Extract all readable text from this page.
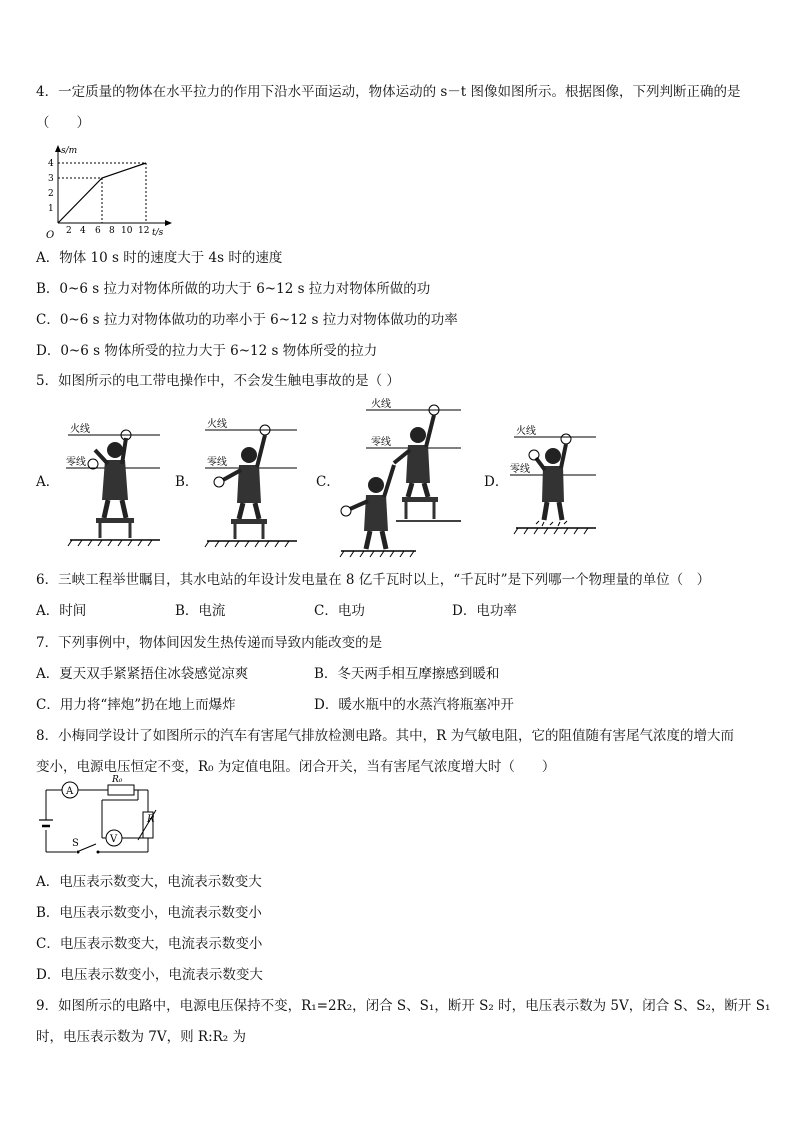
4．一定质量的物体在水平拉力的作用下沿水平面运动，物体运动的 s－t 图像如图所示。根据图像，下列判断正确的是
（　　）
s/m
t/s
O
1
2
3
4
2 4 6 8 10 12
A．物体 10 s 时的速度大于 4s 时的速度
B．0~6 s 拉力对物体所做的功大于 6~12 s 拉力对物体所做的功
C．0~6 s 拉力对物体做功的功率小于 6~12 s 拉力对物体做功的功率
D．0~6 s 物体所受的拉力大于 6~12 s 物体所受的拉力
5．如图所示的电工带电操作中，不会发生触电事故的是（ ）
A．
火线
零线
B．
火线
零线
C．
火线
零线
D．
火线
零线
6．三峡工程举世瞩目，其水电站的年设计发电量在 8 亿千瓦时以上，“千瓦时”是下列哪一个物理量的单位（　）
A．时间	B．电流	C．电功	D．电功率
7．下列事例中，物体间因发生热传递而导致内能改变的是
A．夏天双手紧紧捂住冰袋感觉凉爽	B．冬天两手相互摩擦感到暖和
C．用力将“摔炮”扔在地上而爆炸	D．暖水瓶中的水蒸汽将瓶塞冲开
8．小梅同学设计了如图所示的汽车有害尾气排放检测电路。其中，R 为气敏电阻，它的阻值随有害尾气浓度的增大而
变小，电源电压恒定不变，R₀ 为定值电阻。闭合开关，当有害尾气浓度增大时（　　）
A
R₀
R
V
S
A．电压表示数变大，电流表示数变大
B．电压表示数变小，电流表示数变小
C．电压表示数变大，电流表示数变小
D．电压表示数变小，电流表示数变大
9．如图所示的电路中，电源电压保持不变，R₁=2R₂，闭合 S、S₁，断开 S₂ 时，电压表示数为 5V，闭合 S、S₂，断开 S₁
时，电压表示数为 7V，则 R:R₂ 为
